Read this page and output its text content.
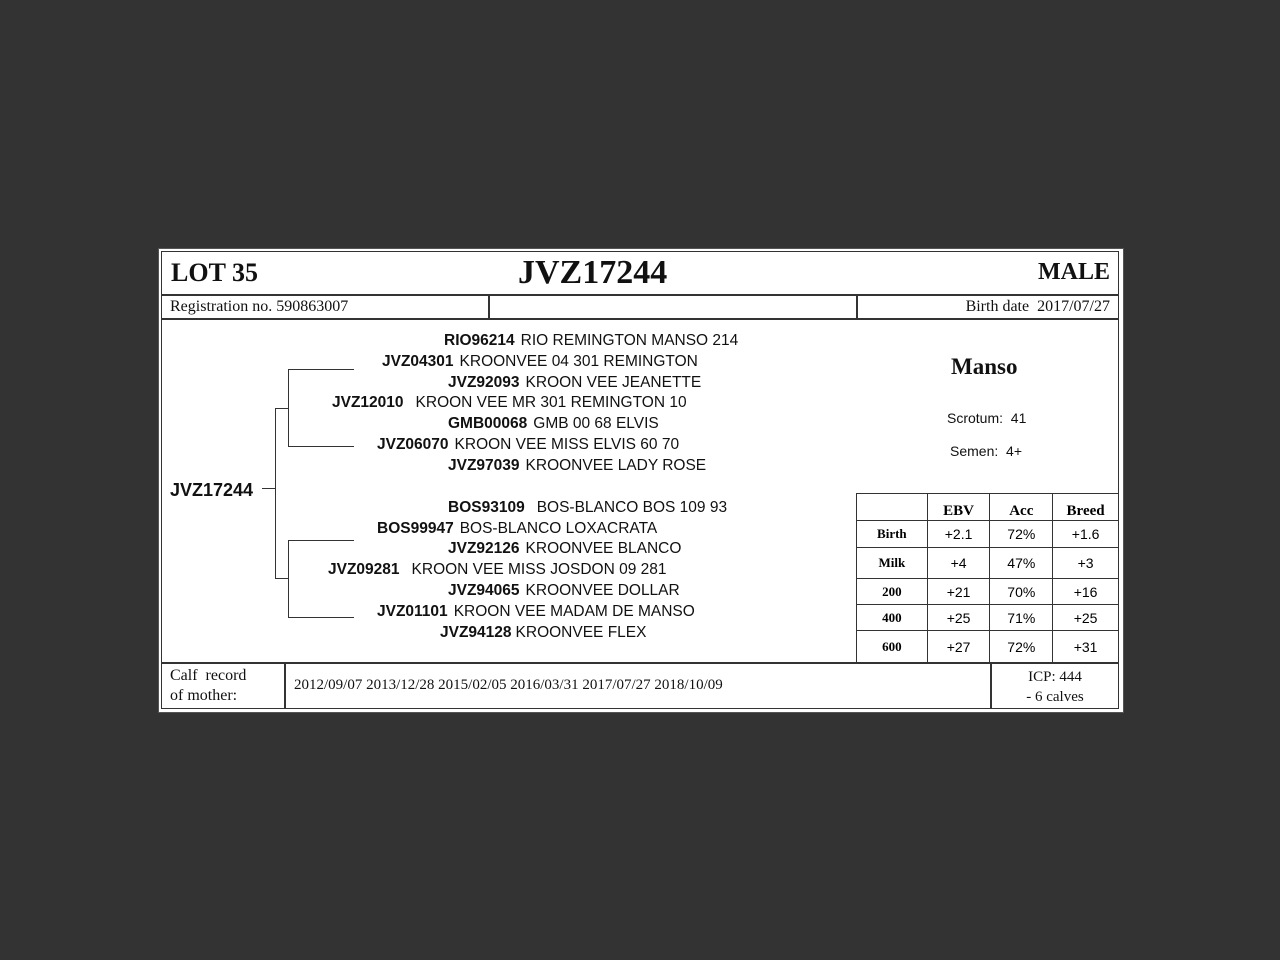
LOT 35	JVZ17244	MALE
Registration no. 590863007	Birth date 2017/07/27
JVZ17244
RIO96214 RIO REMINGTON MANSO 214
JVZ04301 KROONVEE 04 301 REMINGTON
JVZ92093 KROON VEE JEANETTE
JVZ12010 KROON VEE MR 301 REMINGTON 10
GMB00068 GMB 00 68 ELVIS
JVZ06070 KROON VEE MISS ELVIS 60 70
JVZ97039 KROONVEE LADY ROSE
BOS93109 BOS-BLANCO BOS 109 93
BOS99947 BOS-BLANCO LOXACRATA
JVZ92126 KROONVEE BLANCO
JVZ09281 KROON VEE MISS JOSDON 09 281
JVZ94065 KROONVEE DOLLAR
JVZ01101 KROON VEE MADAM DE MANSO
JVZ94128 KROONVEE FLEX
Manso
Scrotum: 41
Semen: 4+
	EBV	Acc	Breed
Birth	+2.1	72%	+1.6
Milk	+4	47%	+3
200	+21	70%	+16
400	+25	71%	+25
600	+27	72%	+31
Calf  record
of mother:
2012/09/07 2013/12/28 2015/02/05 2016/03/31 2017/07/27 2018/10/09	ICP: 444
- 6 calves
